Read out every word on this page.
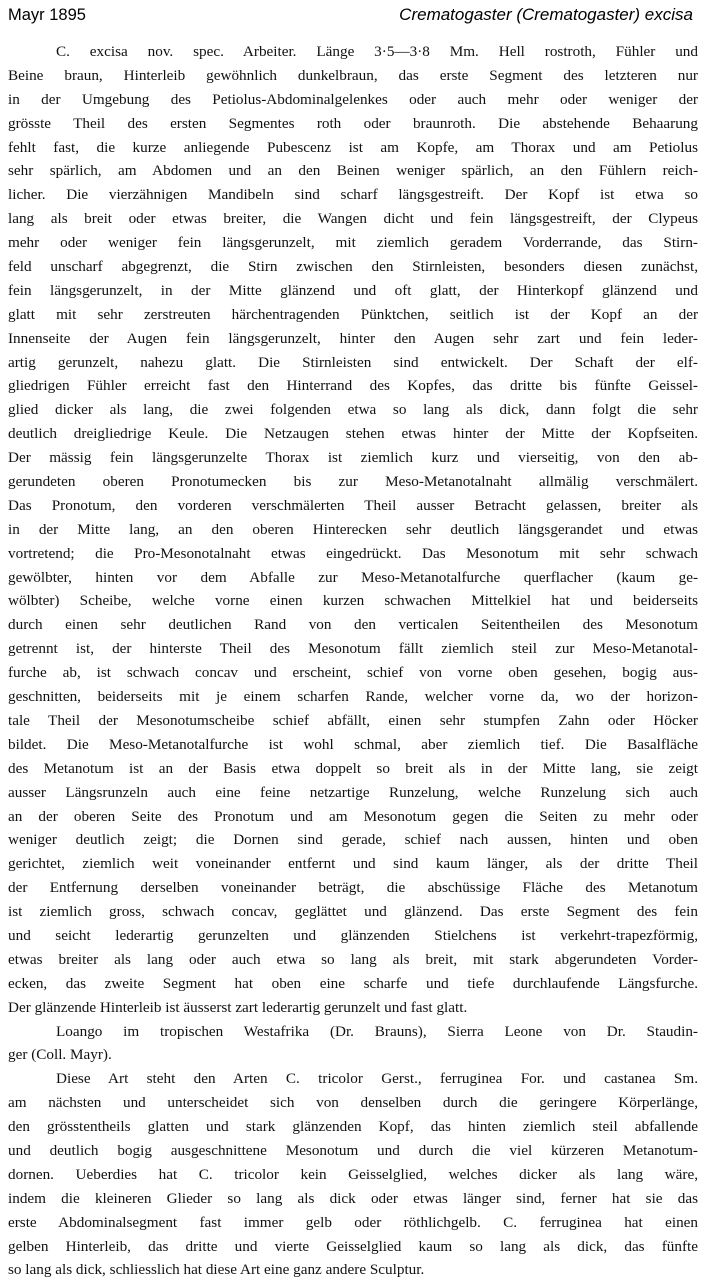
Mayr 1895	Crematogaster (Crematogaster) excisa
C. excisa nov. spec. Arbeiter. Länge 3·5—3·8 Mm. Hell rostroth, Fühler und
Beine braun, Hinterleib gewöhnlich dunkelbraun, das erste Segment des letzteren nur
in der Umgebung des Petiolus-Abdominalgelenkes oder auch mehr oder weniger der
grösste Theil des ersten Segmentes roth oder braunroth. Die abstehende Behaarung
fehlt fast, die kurze anliegende Pubescenz ist am Kopfe, am Thorax und am Petiolus
sehr spärlich, am Abdomen und an den Beinen weniger spärlich, an den Fühlern reich-
licher. Die vierzähnigen Mandibeln sind scharf längsgestreift. Der Kopf ist etwa so
lang als breit oder etwas breiter, die Wangen dicht und fein längsgestreift, der Clypeus
mehr oder weniger fein längsgerunzelt, mit ziemlich geradem Vorderrande, das Stirn-
feld unscharf abgegrenzt, die Stirn zwischen den Stirnleisten, besonders diesen zunächst,
fein längsgerunzelt, in der Mitte glänzend und oft glatt, der Hinterkopf glänzend und
glatt mit sehr zerstreuten härchentragenden Pünktchen, seitlich ist der Kopf an der
Innenseite der Augen fein längsgerunzelt, hinter den Augen sehr zart und fein leder-
artig gerunzelt, nahezu glatt. Die Stirnleisten sind entwickelt. Der Schaft der elf-
gliedrigen Fühler erreicht fast den Hinterrand des Kopfes, das dritte bis fünfte Geissel-
glied dicker als lang, die zwei folgenden etwa so lang als dick, dann folgt die sehr
deutlich dreigliedrige Keule. Die Netzaugen stehen etwas hinter der Mitte der Kopfseiten.
Der mässig fein längsgerunzelte Thorax ist ziemlich kurz und vierseitig, von den ab-
gerundeten oberen Pronotumecken bis zur Meso-Metanotalnaht allmälig verschmälert.
Das Pronotum, den vorderen verschmälerten Theil ausser Betracht gelassen, breiter als
in der Mitte lang, an den oberen Hinterecken sehr deutlich längsgerandet und etwas
vortretend; die Pro-Mesonotalnaht etwas eingedrückt. Das Mesonotum mit sehr schwach
gewölbter, hinten vor dem Abfalle zur Meso-Metanotalfurche querflacher (kaum ge-
wölbter) Scheibe, welche vorne einen kurzen schwachen Mittelkiel hat und beiderseits
durch einen sehr deutlichen Rand von den verticalen Seitentheilen des Mesonotum
getrennt ist, der hinterste Theil des Mesonotum fällt ziemlich steil zur Meso-Metanotal-
furche ab, ist schwach concav und erscheint, schief von vorne oben gesehen, bogig aus-
geschnitten, beiderseits mit je einem scharfen Rande, welcher vorne da, wo der horizon-
tale Theil der Mesonotumscheibe schief abfällt, einen sehr stumpfen Zahn oder Höcker
bildet. Die Meso-Metanotalfurche ist wohl schmal, aber ziemlich tief. Die Basalfläche
des Metanotum ist an der Basis etwa doppelt so breit als in der Mitte lang, sie zeigt
ausser Längsrunzeln auch eine feine netzartige Runzelung, welche Runzelung sich auch
an der oberen Seite des Pronotum und am Mesonotum gegen die Seiten zu mehr oder
weniger deutlich zeigt; die Dornen sind gerade, schief nach aussen, hinten und oben
gerichtet, ziemlich weit voneinander entfernt und sind kaum länger, als der dritte Theil
der Entfernung derselben voneinander beträgt, die abschüssige Fläche des Metanotum
ist ziemlich gross, schwach concav, geglättet und glänzend. Das erste Segment des fein
und seicht lederartig gerunzelten und glänzenden Stielchens ist verkehrt-trapezförmig,
etwas breiter als lang oder auch etwa so lang als breit, mit stark abgerundeten Vorder-
ecken, das zweite Segment hat oben eine scharfe und tiefe durchlaufende Längsfurche.
Der glänzende Hinterleib ist äusserst zart lederartig gerunzelt und fast glatt.
Loango im tropischen Westafrika (Dr. Brauns), Sierra Leone von Dr. Staudin-
ger (Coll. Mayr).
Diese Art steht den Arten C. tricolor Gerst., ferruginea For. und castanea Sm.
am nächsten und unterscheidet sich von denselben durch die geringere Körperlänge,
den grösstentheils glatten und stark glänzenden Kopf, das hinten ziemlich steil abfallende
und deutlich bogig ausgeschnittene Mesonotum und durch die viel kürzeren Metanotum-
dornen. Ueberdies hat C. tricolor kein Geisselglied, welches dicker als lang wäre,
indem die kleineren Glieder so lang als dick oder etwas länger sind, ferner hat sie das
erste Abdominalsegment fast immer gelb oder röthlichgelb. C. ferruginea hat einen
gelben Hinterleib, das dritte und vierte Geisselglied kaum so lang als dick, das fünfte
so lang als dick, schliesslich hat diese Art eine ganz andere Sculptur.
